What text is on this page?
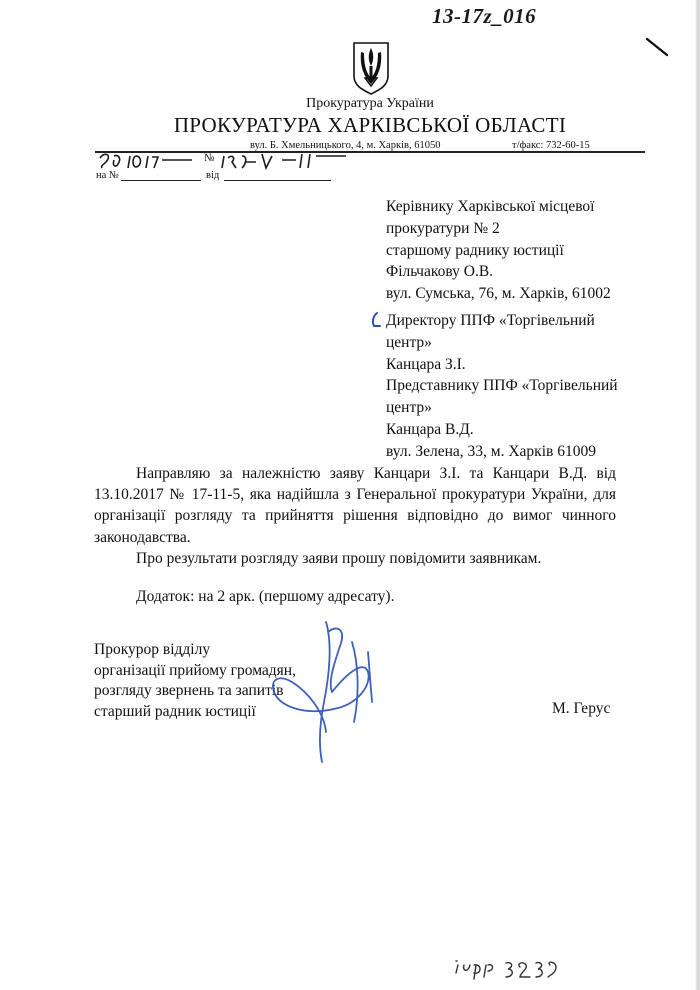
13-17z_016
Прокуратура України
ПРОКУРАТУРА ХАРКІВСЬКОЇ ОБЛАСТІ
вул. Б. Хмельницького, 4, м. Харків, 61050	т/факс: 732-60-15
№
на №	від
Керівнику Харківської місцевої
прокуратури № 2
старшому раднику юстиції
Фільчакову О.В.
вул. Сумська, 76, м. Харків, 61002
Директору ППФ «Торгівельний
центр»
Канцара З.І.
Представнику ППФ «Торгівельний
центр»
Канцара В.Д.
вул. Зелена, 33, м. Харків 61009
Направляю за належністю заяву Канцари З.І. та Канцари В.Д. від 13.10.2017 № 17-11-5, яка надійшла з Генеральної прокуратури України, для організації розгляду та прийняття рішення відповідно до вимог чинного законодавства.
Про результати розгляду заяви прошу повідомити заявникам.
Додаток: на 2 арк. (першому адресату).
Прокурор відділу
організації прийому громадян,
розгляду звернень та запитів
старший радник юстиції	М. Герус
